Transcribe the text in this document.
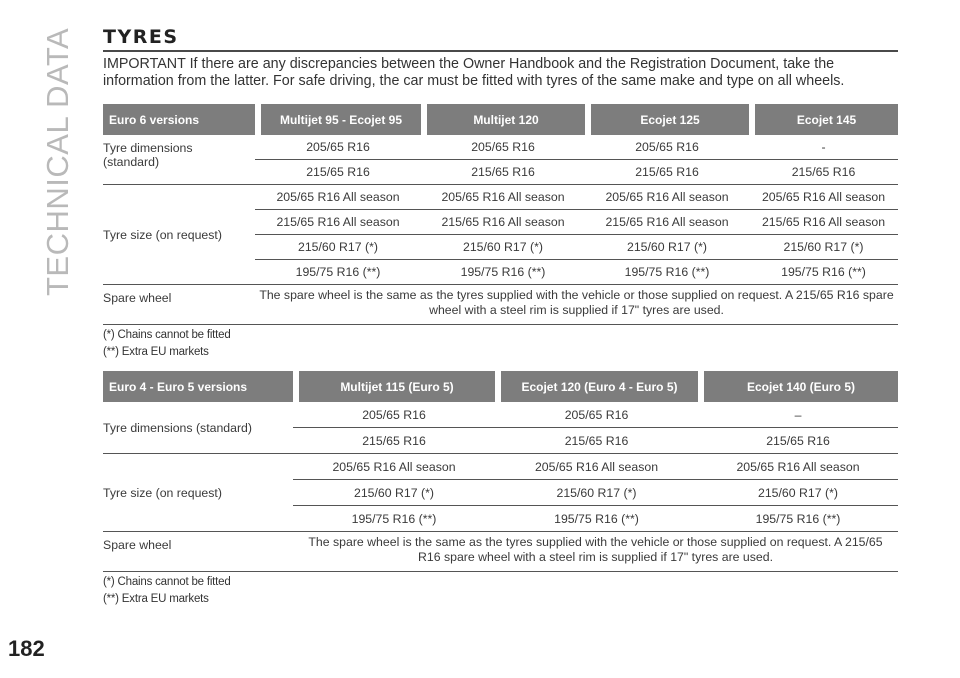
TECHNICAL DATA
182
TYRES

IMPORTANT If there are any discrepancies between the Owner Handbook and the Registration Document, take the information from the latter. For safe driving, the car must be fitted with tyres of the same make and type on all wheels.

Euro 6 versions	Multijet 95 - Ecojet 95	Multijet 120	Ecojet 125	Ecojet 145
Tyre dimensions (standard)	205/65 R16	205/65 R16	205/65 R16	-
	215/65 R16	215/65 R16	215/65 R16	215/65 R16
Tyre size (on request)	205/65 R16 All season	205/65 R16 All season	205/65 R16 All season	205/65 R16 All season
	215/65 R16 All season	215/65 R16 All season	215/65 R16 All season	215/65 R16 All season
	215/60 R17 (*)	215/60 R17 (*)	215/60 R17 (*)	215/60 R17 (*)
	195/75 R16 (**)	195/75 R16 (**)	195/75 R16 (**)	195/75 R16 (**)
Spare wheel	The spare wheel is the same as the tyres supplied with the vehicle or those supplied on request. A 215/65 R16 spare wheel with a steel rim is supplied if 17" tyres are used.			
(*) Chains cannot be fitted
(**) Extra EU markets
Euro 4 - Euro 5 versions	Multijet 115 (Euro 5)	Ecojet 120 (Euro 4 - Euro 5)	Ecojet 140 (Euro 5)
Tyre dimensions (standard)	205/65 R16	205/65 R16	–
	215/65 R16	215/65 R16	215/65 R16
Tyre size (on request)	205/65 R16 All season	205/65 R16 All season	205/65 R16 All season
	215/60 R17 (*)	215/60 R17 (*)	215/60 R17 (*)
	195/75 R16 (**)	195/75 R16 (**)	195/75 R16 (**)
Spare wheel	The spare wheel is the same as the tyres supplied with the vehicle or those supplied on request. A 215/65 R16 spare wheel with a steel rim is supplied if 17" tyres are used.		
(*) Chains cannot be fitted
(**) Extra EU markets
